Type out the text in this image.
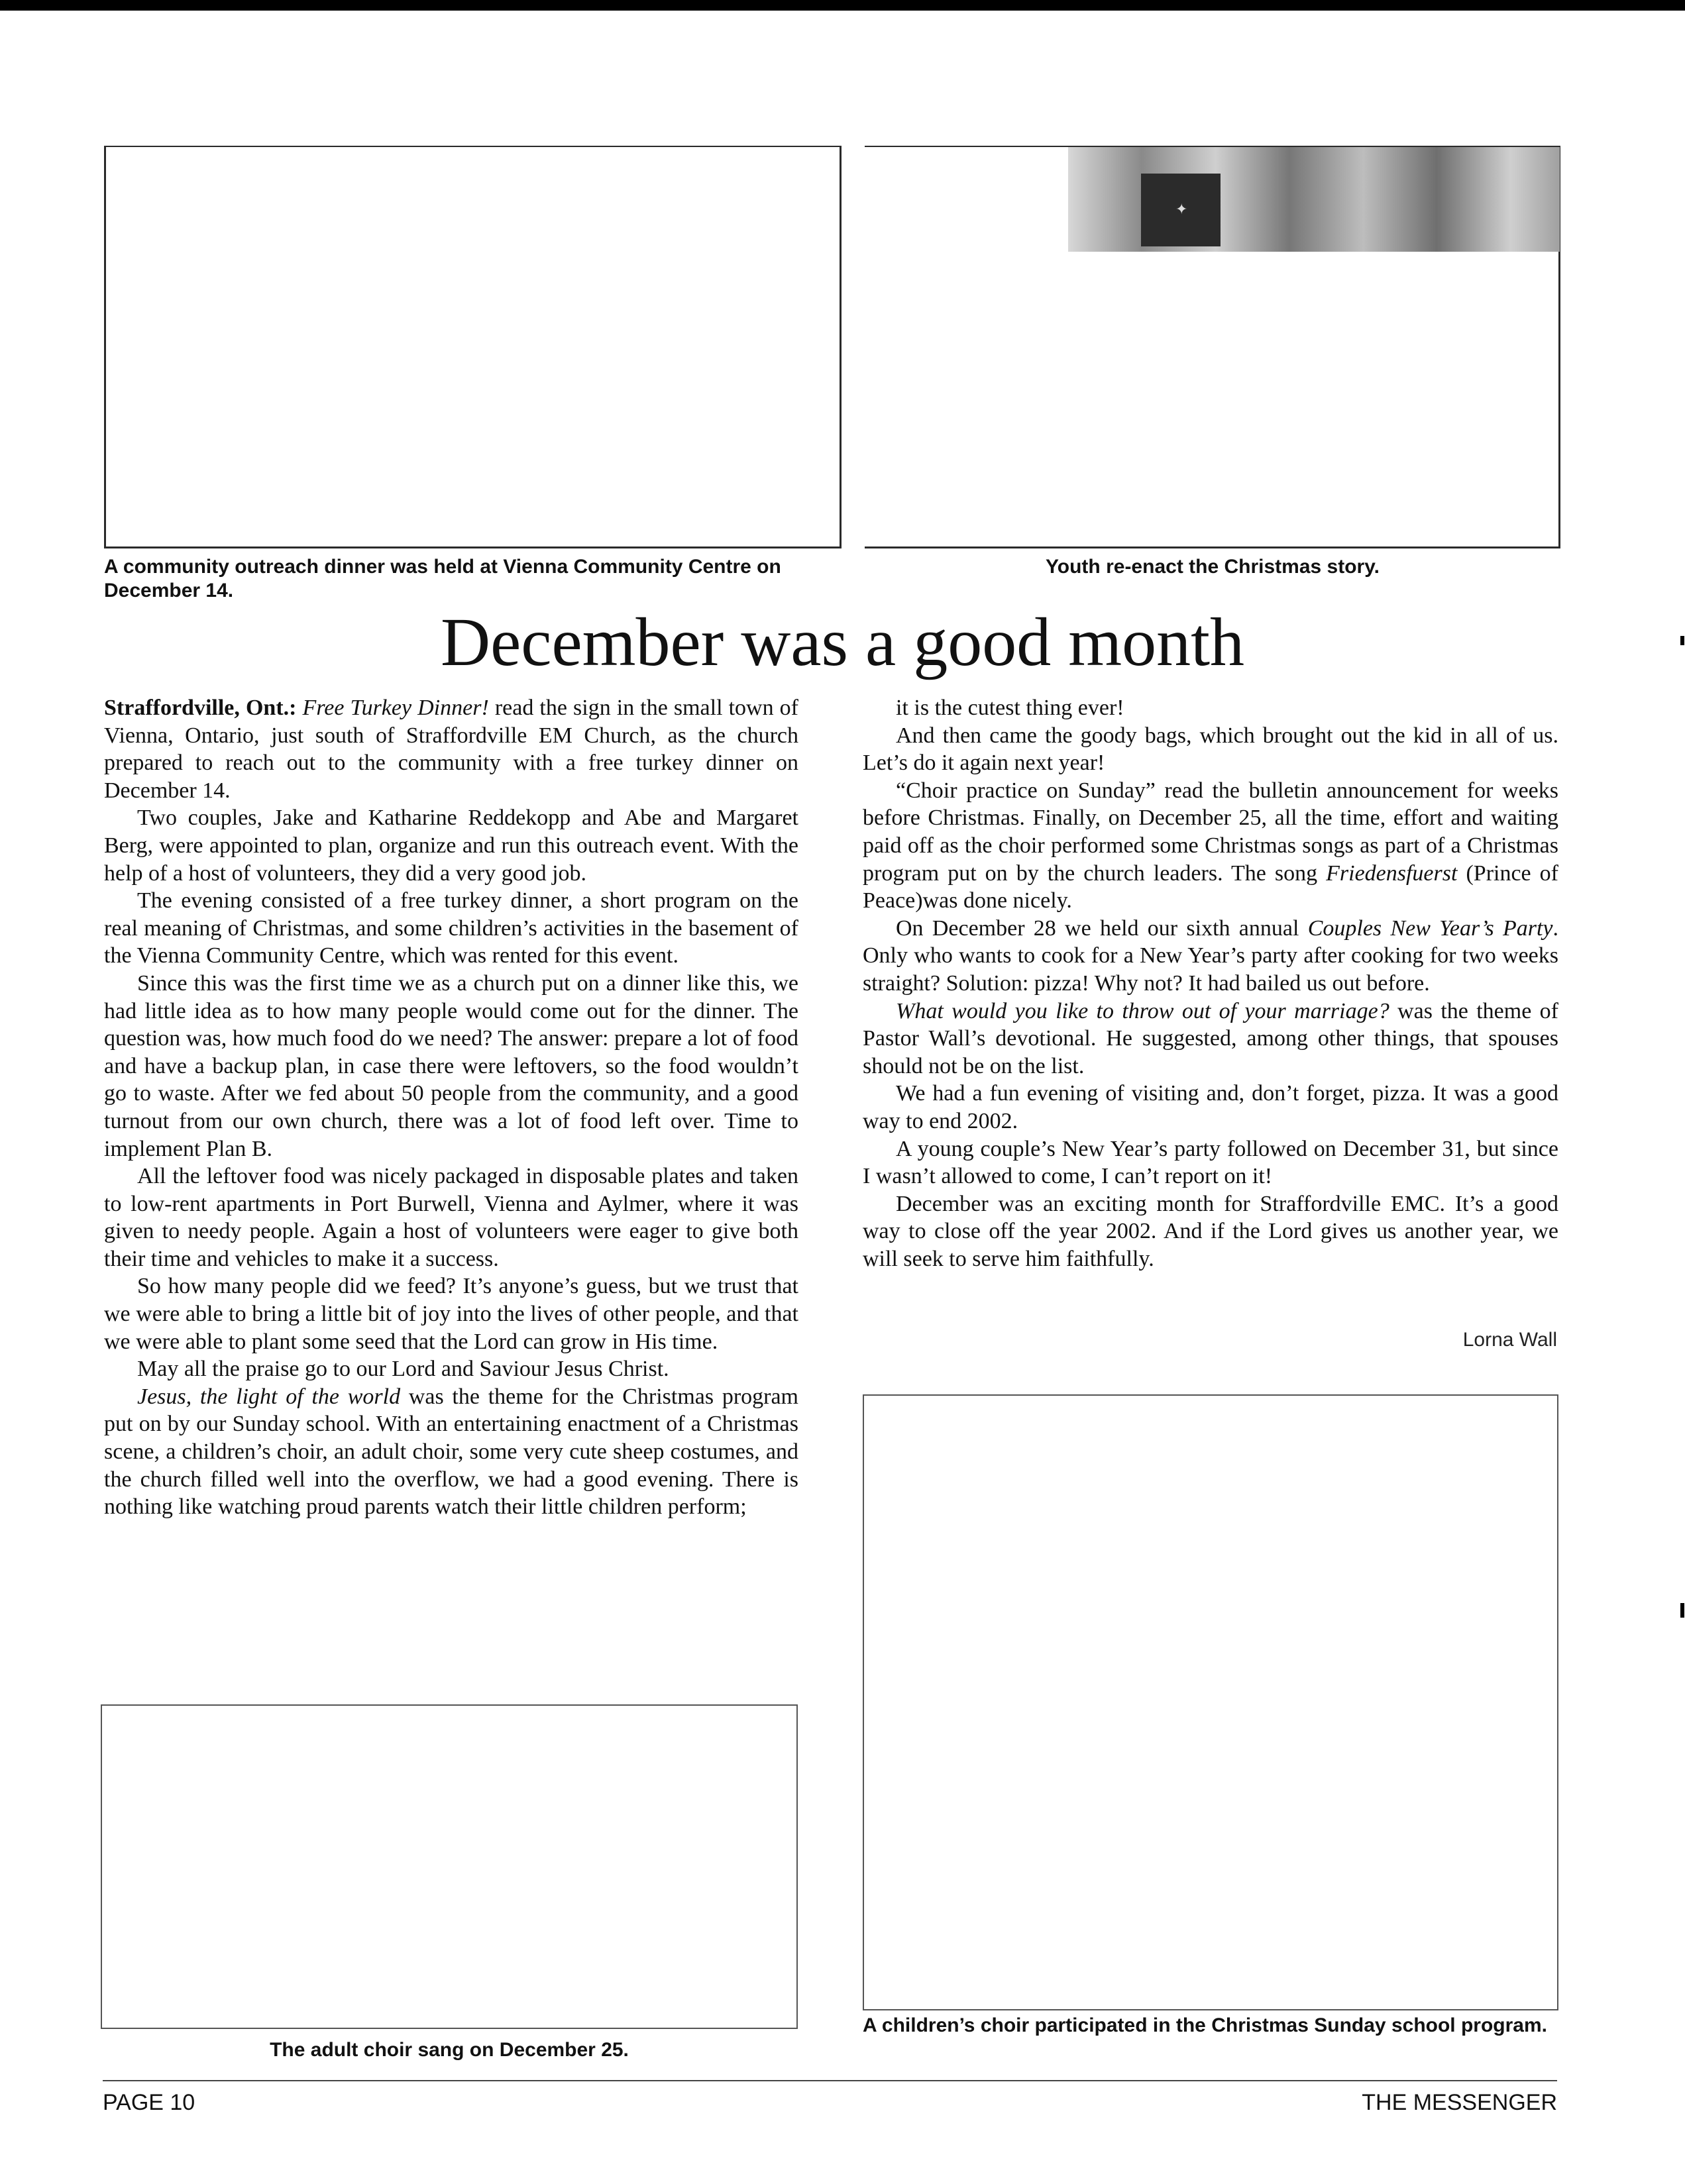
A community outreach dinner was held at Vienna Community Centre on December 14.
✦
Youth re-enact the Christmas story.
December was a good month

Straffordville, Ont.: Free Turkey Dinner! read the sign in the small town of Vienna, Ontario, just south of Straffordville EM Church, as the church prepared to reach out to the community with a free turkey dinner on December 14.

Two couples, Jake and Katharine Reddekopp and Abe and Margaret Berg, were appointed to plan, organize and run this outreach event. With the help of a host of volunteers, they did a very good job.

The evening consisted of a free turkey dinner, a short program on the real meaning of Christmas, and some children’s activities in the basement of the Vienna Community Centre, which was rented for this event.

Since this was the first time we as a church put on a dinner like this, we had little idea as to how many people would come out for the dinner. The question was, how much food do we need? The answer: prepare a lot of food and have a backup plan, in case there were leftovers, so the food wouldn’t go to waste. After we fed about 50 people from the community, and a good turnout from our own church, there was a lot of food left over. Time to implement Plan B.

All the leftover food was nicely packaged in disposable plates and taken to low-rent apartments in Port Burwell, Vienna and Aylmer, where it was given to needy people. Again a host of volunteers were eager to give both their time and vehicles to make it a success.

So how many people did we feed? It’s anyone’s guess, but we trust that we were able to bring a little bit of joy into the lives of other people, and that we were able to plant some seed that the Lord can grow in His time.

May all the praise go to our Lord and Saviour Jesus Christ.

Jesus, the light of the world was the theme for the Christmas program put on by our Sunday school. With an entertaining enactment of a Christmas scene, a children’s choir, an adult choir, some very cute sheep costumes, and the church filled well into the overflow, we had a good evening. There is nothing like watching proud parents watch their little children perform;

it is the cutest thing ever!

And then came the goody bags, which brought out the kid in all of us. Let’s do it again next year!

“Choir practice on Sunday” read the bulletin announcement for weeks before Christmas. Finally, on December 25, all the time, effort and waiting paid off as the choir performed some Christmas songs as part of a Christmas program put on by the church leaders. The song Friedensfuerst (Prince of Peace)was done nicely.

On December 28 we held our sixth annual Couples New Year’s Party. Only who wants to cook for a New Year’s party after cooking for two weeks straight? Solution: pizza! Why not? It had bailed us out before.

What would you like to throw out of your marriage? was the theme of Pastor Wall’s devotional. He suggested, among other things, that spouses should not be on the list.

We had a fun evening of visiting and, don’t forget, pizza. It was a good way to end 2002.

A young couple’s New Year’s party followed on December 31, but since I wasn’t allowed to come, I can’t report on it!

December was an exciting month for Straffordville EMC. It’s a good way to close off the year 2002. And if the Lord gives us another year, we will seek to serve him faithfully.

Lorna Wall
A children’s choir participated in the Christmas Sunday school program.
The adult choir sang on December 25.
PAGE 10	THE MESSENGER
